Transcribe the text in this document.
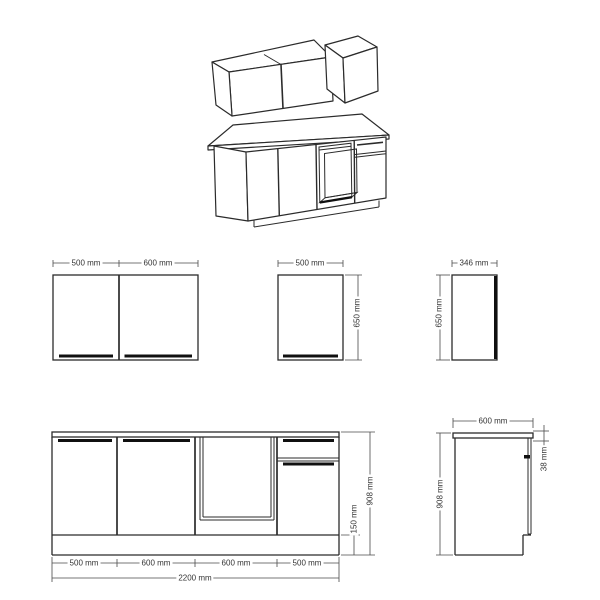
500 mm	600 mm	500 mm
650 mm
346 mm
650 mm
500 mm	600 mm	600 mm	500 mm
2200 mm
908 mm
150 mm
600 mm
908 mm
38 mm
